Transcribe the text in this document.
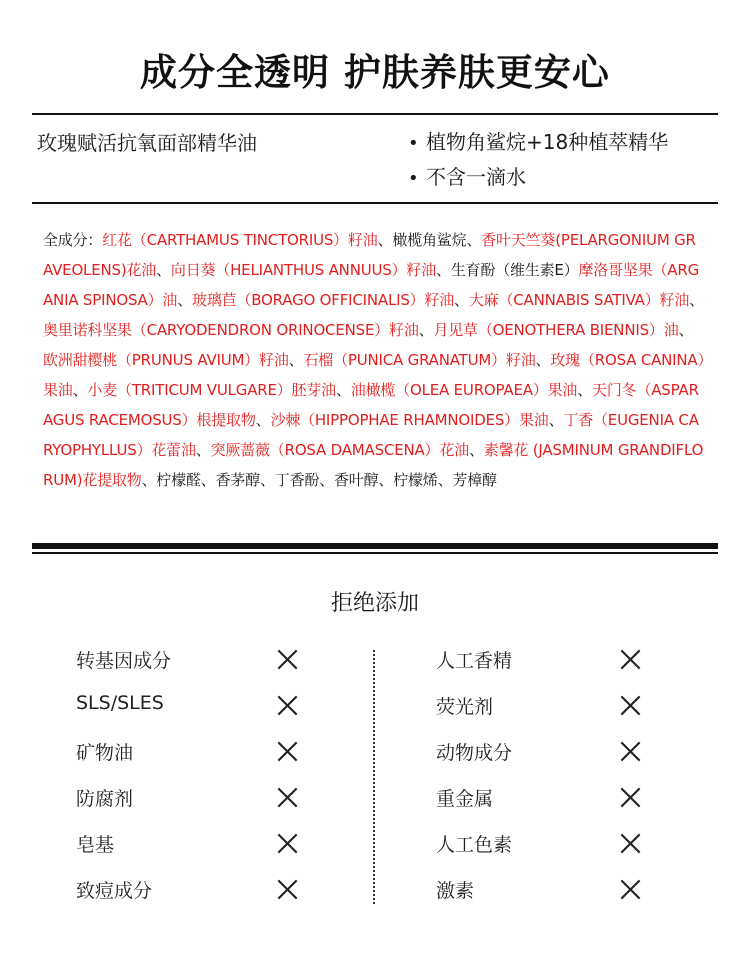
成分全透明 护肤养肤更安心
玫瑰赋活抗氧面部精华油	• 植物角鲨烷+18种植萃精华
• 不含一滴水
全成分：红花（CARTHAMUS TINCTORIUS）籽油、橄榄角鲨烷、香叶天竺葵(PELARGONIUM GRAVEOLENS)花油、向日葵（HELIANTHUS ANNUUS）籽油、生育酚（维生素E）摩洛哥坚果（ARGANIA SPINOSA）油、玻璃苣（BORAGO OFFICINALIS）籽油、大麻（CANNABIS SATIVA）籽油、奥里诺科坚果（CARYODENDRON ORINOCENSE）籽油、月见草（OENOTHERA BIENNIS）油、欧洲甜樱桃（PRUNUS AVIUM）籽油、石榴（PUNICA GRANATUM）籽油、玫瑰（ROSA CANINA）果油、小麦（TRITICUM VULGARE）胚芽油、油橄榄（OLEA EUROPAEA）果油、天门冬（ASPARAGUS RACEMOSUS）根提取物、沙棘（HIPPOPHAE RHAMNOIDES）果油、丁香（EUGENIA CARYOPHYLLUS）花蕾油、突厥蔷薇（ROSA DAMASCENA）花油、素馨花 (JASMINUM GRANDIFLORUM)花提取物、柠檬醛、香茅醇、丁香酚、香叶醇、柠檬烯、芳樟醇
拒绝添加
转基因成分
SLS/SLES
矿物油
防腐剂
皂基
致痘成分
人工香精
荧光剂
动物成分
重金属
人工色素
激素
